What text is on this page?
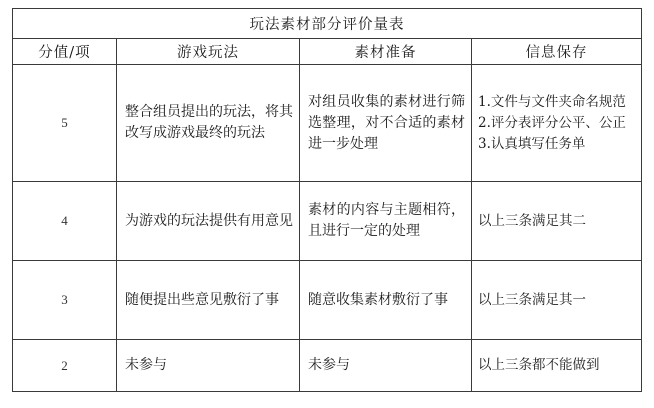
玩法素材部分评价量表			
分值/项	游戏玩法	素材准备	信息保存
5	整合组员提出的玩法，将其改写成游戏最终的玩法	对组员收集的素材进行筛选整理，对不合适的素材进一步处理	1.文件与文件夹命名规范
2.评分表评分公平、公正
3.认真填写任务单

4	为游戏的玩法提供有用意见	素材的内容与主题相符，且进行一定的处理	以上三条满足其二

3	随便提出些意见敷衍了事	随意收集素材敷衍了事	以上三条满足其一

2	未参与	未参与	以上三条都不能做到
